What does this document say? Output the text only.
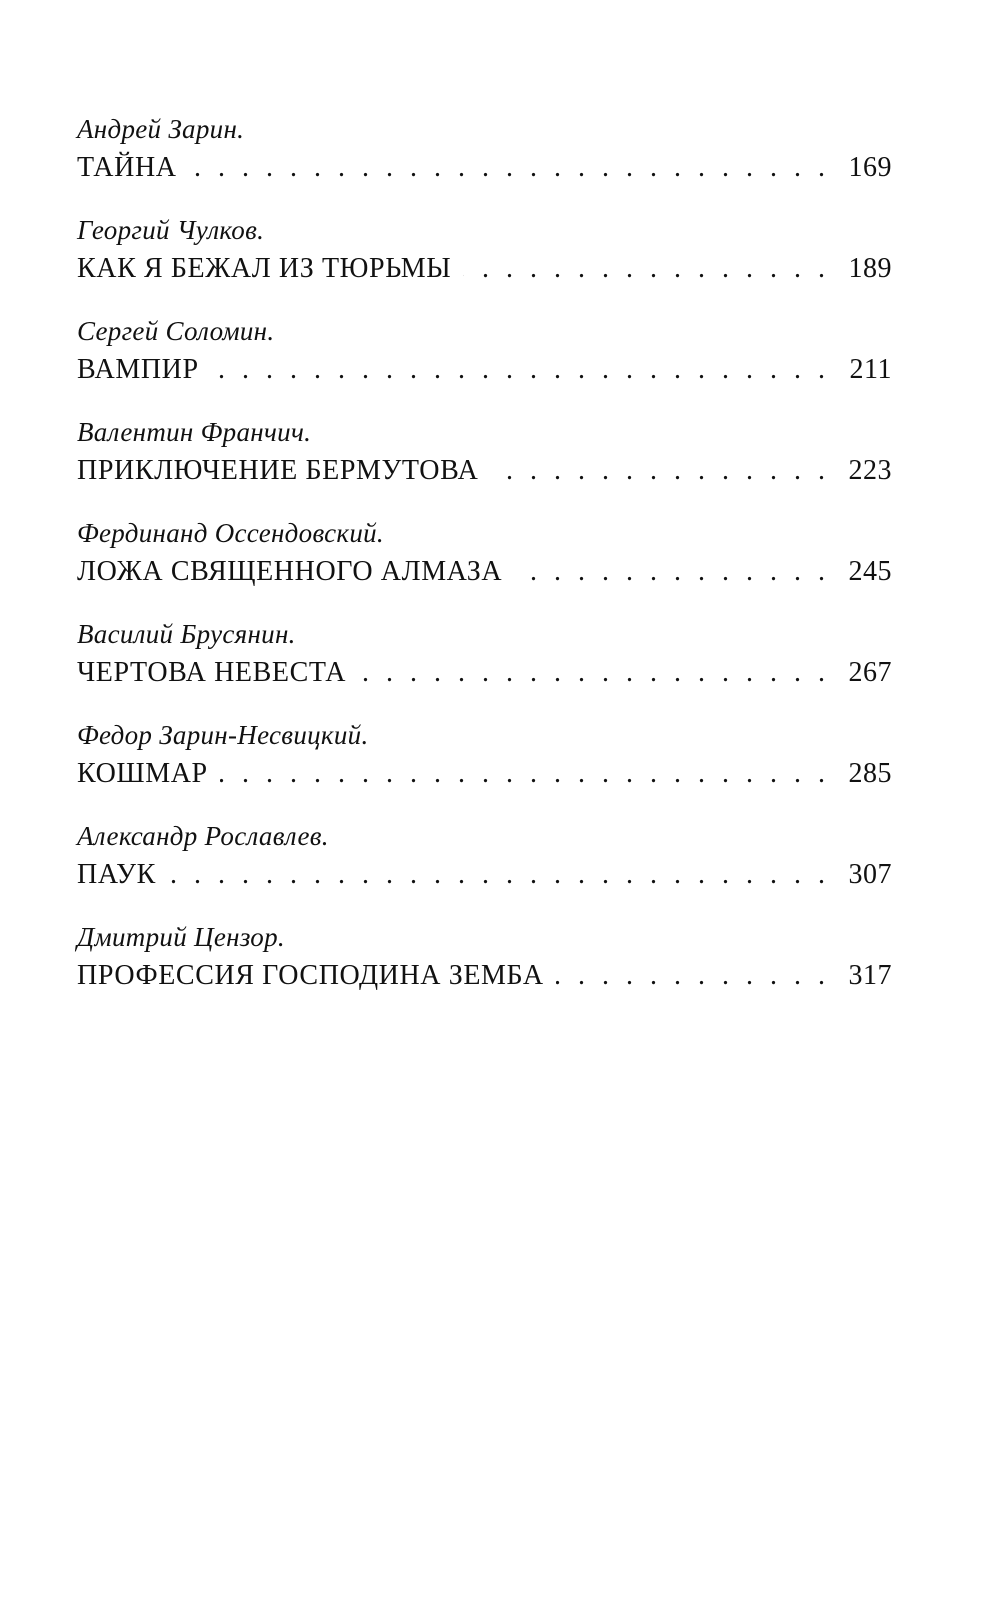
Андрей Зарин.
ТАЙНА . . .	169
Георгий Чулков.
КАК Я БЕЖАЛ ИЗ ТЮРЬМЫ . . .	189
Сергей Соломин.
ВАМПИР . . .	211
Валентин Франчич.
ПРИКЛЮЧЕНИЕ БЕРМУТОВА . . .	223
Фердинанд Оссендовский.
ЛОЖА СВЯЩЕННОГО АЛМАЗА . . .	245
Василий Брусянин.
ЧЕРТОВА НЕВЕСТА . . .	267
Федор Зарин-Несвицкий.
КОШМАР . . .	285
Александр Рославлев.
ПАУК . . .	307
Дмитрий Цензор.
ПРОФЕССИЯ ГОСПОДИНА ЗЕМБА . . .	317
